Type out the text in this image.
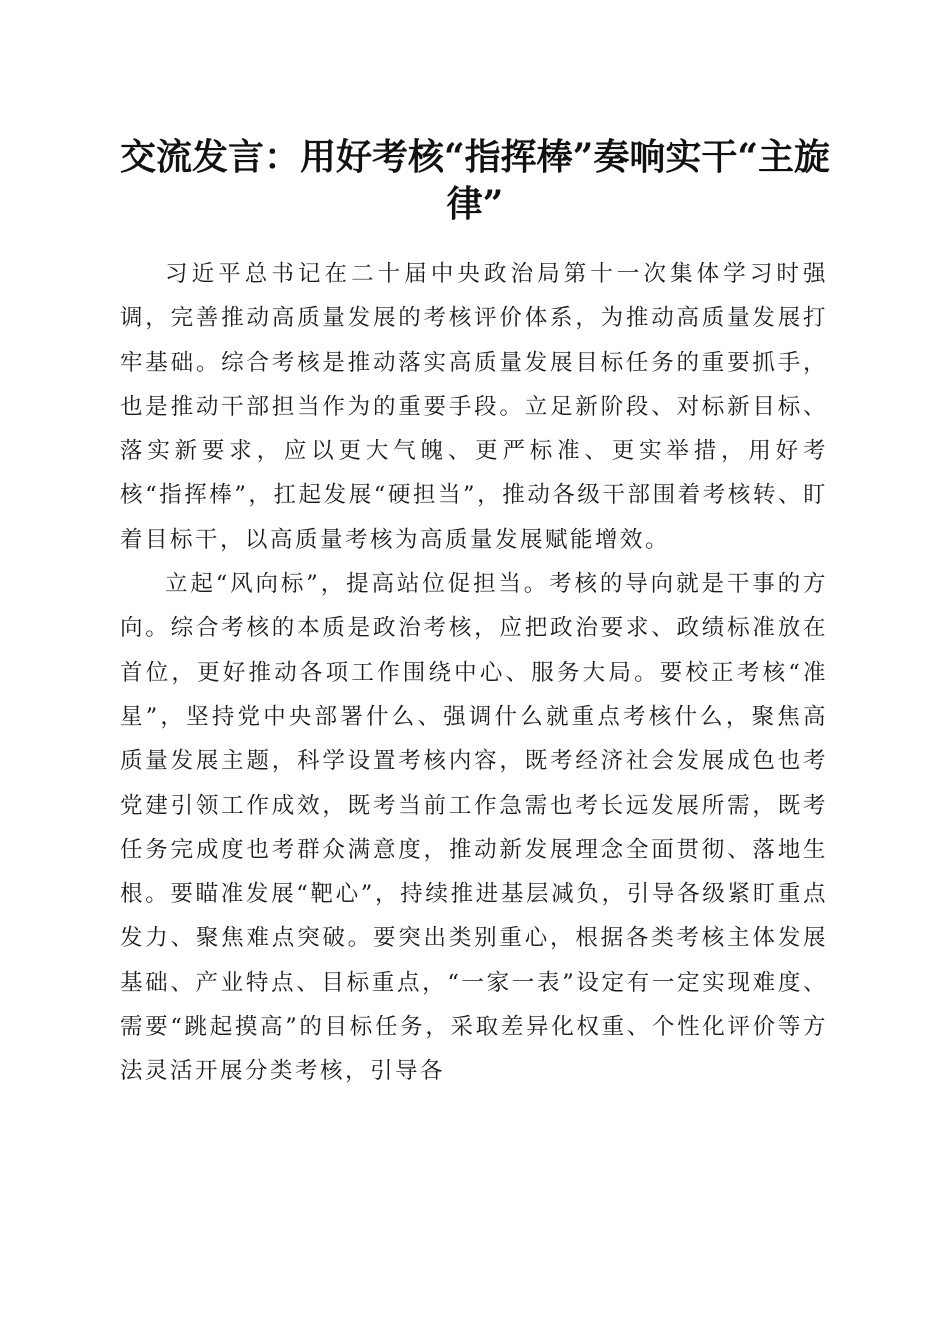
交流发言：用好考核“指挥棒”奏响实干“主旋律”

习近平总书记在二十届中央政治局第十一次集体学习时强调，完善推动高质量发展的考核评价体系，为推动高质量发展打牢基础。综合考核是推动落实高质量发展目标任务的重要抓手，也是推动干部担当作为的重要手段。立足新阶段、对标新目标、落实新要求，应以更大气魄、更严标准、更实举措，用好考核“指挥棒”，扛起发展“硬担当”，推动各级干部围着考核转、盯着目标干，以高质量考核为高质量发展赋能增效。

立起“风向标”，提高站位促担当。考核的导向就是干事的方向。综合考核的本质是政治考核，应把政治要求、政绩标准放在首位，更好推动各项工作围绕中心、服务大局。要校正考核“准星”，坚持党中央部署什么、强调什么就重点考核什么，聚焦高质量发展主题，科学设置考核内容，既考经济社会发展成色也考党建引领工作成效，既考当前工作急需也考长远发展所需，既考任务完成度也考群众满意度，推动新发展理念全面贯彻、落地生根。要瞄准发展“靶心”，持续推进基层减负，引导各级紧盯重点发力、聚焦难点突破。要突出类别重心，根据各类考核主体发展基础、产业特点、目标重点，“一家一表”设定有一定实现难度、需要“跳起摸高”的目标任务，采取差异化权重、个性化评价等方法灵活开展分类考核，引导各
